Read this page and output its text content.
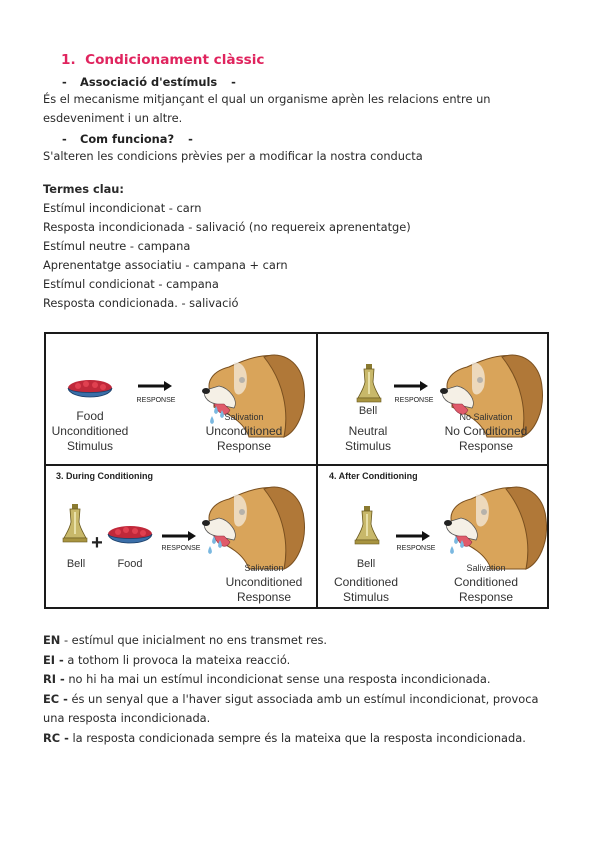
1. Condicionament clàssic
- Associació d'estímuls -
És el mecanisme mitjançant el qual un organisme aprèn les relacions entre un esdeveniment i un altre.
- Com funciona? -
S'alteren les condicions prèvies per a modificar la nostra conducta
Termes clau:
Estímul incondicionat - carn
Resposta incondicionada - salivació (no requereix aprenentatge)
Estímul neutre - campana
Aprenentatge associatiu - campana + carn
Estímul condicionat - campana
Resposta condicionada. - salivació
RESPONSE
Food
Unconditioned
Stimulus
Salivation
Unconditioned
Response
RESPONSE
Bell
Neutral
Stimulus
No Salivation
No Conditioned
Response
3. During Conditioning
+	RESPONSE
Bell	Food	Salivation
Unconditioned
Response
4. After Conditioning
RESPONSE
Bell
Conditioned
Stimulus
Salivation
Conditioned
Response
EN - estímul que inicialment no ens transmet res.
EI - a tothom li provoca la mateixa reacció.
RI - no hi ha mai un estímul incondicionat sense una resposta incondicionada.
EC - és un senyal que a l'haver sigut associada amb un estímul incondicionat, provoca una resposta incondicionada.
RC - la resposta condicionada sempre és la mateixa que la resposta incondicionada.
